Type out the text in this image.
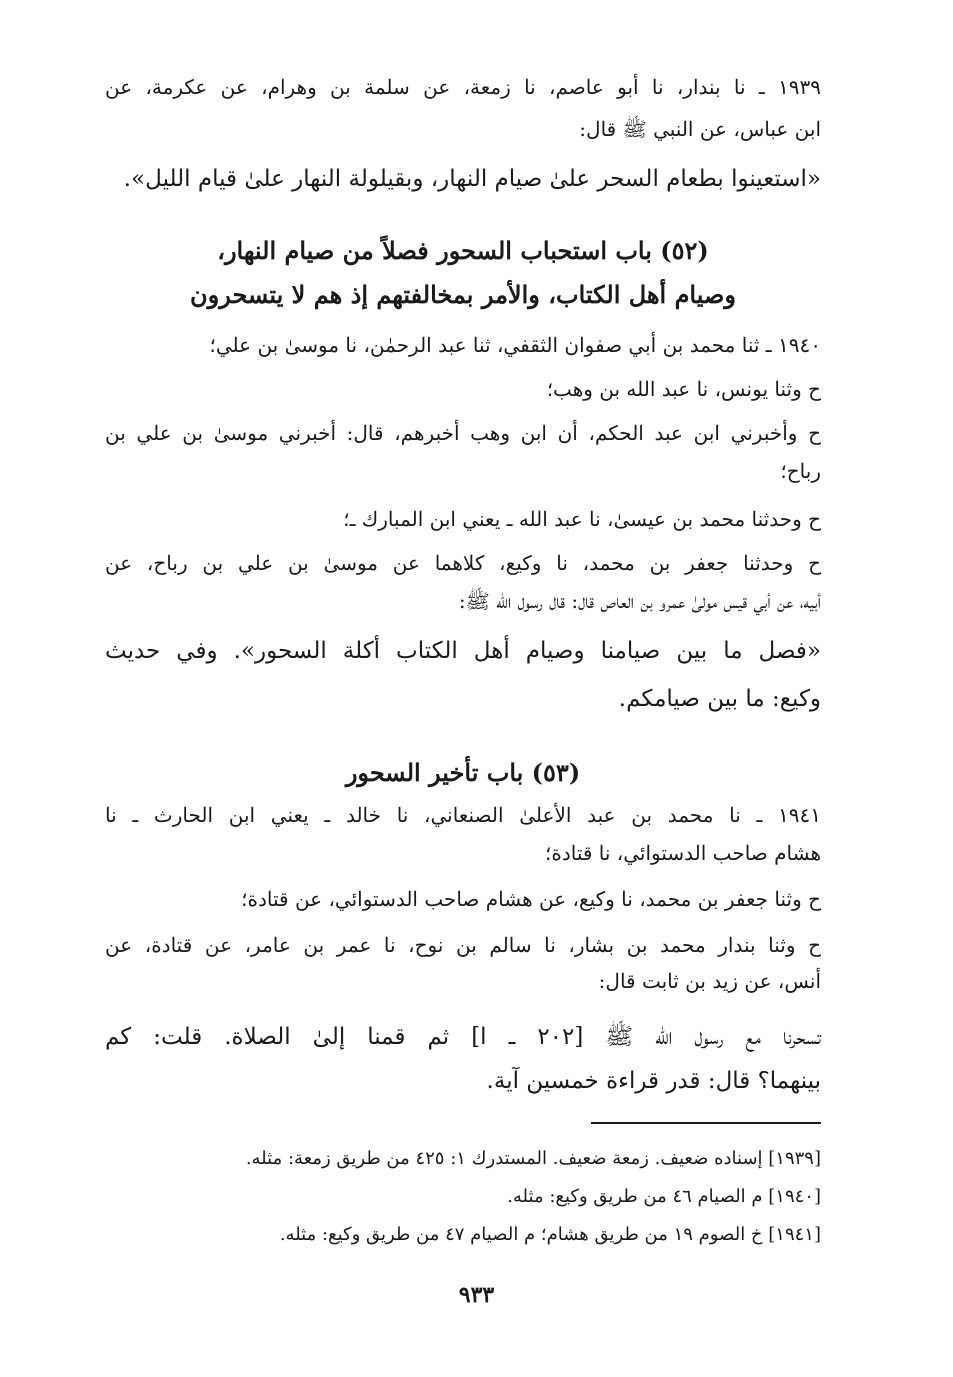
١٩٣٩ ـ نا بندار، نا أبو عاصم، نا زمعة، عن سلمة بن وهرام، عن عكرمة، عن
ابن عباس، عن النبي ﷺ قال:
«استعينوا بطعام السحر علىٰ صيام النهار، وبقيلولة النهار علىٰ قيام الليل».
(٥٢) باب استحباب السحور فصلاً من صيام النهار،
وصيام أهل الكتاب، والأمر بمخالفتهم إذ هم لا يتسحرون
١٩٤٠ ـ ثنا محمد بن أبي صفوان الثقفي، ثنا عبد الرحمٰن، نا موسىٰ بن علي؛
ح وثنا يونس، نا عبد الله بن وهب؛
ح وأخبرني ابن عبد الحكم، أن ابن وهب أخبرهم، قال: أخبرني موسىٰ بن علي بن
رباح؛
ح وحدثنا محمد بن عيسىٰ، نا عبد الله ـ يعني ابن المبارك ـ؛
ح وحدثنا جعفر بن محمد، نا وكيع، كلاهما عن موسىٰ بن علي بن رباح، عن
أبيه، عن أبي قيس مولىٰ عمرو بن العاص قال: قال رسول الله ﷺ:
«فصل ما بين صيامنا وصيام أهل الكتاب أكلة السحور». وفي حديث
وكيع: ما بين صيامكم.
(٥٣) باب تأخير السحور
١٩٤١ ـ نا محمد بن عبد الأعلىٰ الصنعاني، نا خالد ـ يعني ابن الحارث ـ نا
هشام صاحب الدستوائي، نا قتادة؛
ح وثنا جعفر بن محمد، نا وكيع، عن هشام صاحب الدستوائي، عن قتادة؛
ح وثنا بندار محمد بن بشار، نا سالم بن نوح، نا عمر بن عامر، عن قتادة، عن
أنس، عن زيد بن ثابت قال:
تسحرنا مع رسول الله ﷺ [٢٠٢ ـ ا] ثم قمنا إلىٰ الصلاة. قلت: كم
بينهما؟ قال: قدر قراءة خمسين آية.
[١٩٣٩] إسناده ضعيف. زمعة ضعيف. المستدرك ١: ٤٢٥ من طريق زمعة: مثله.
[١٩٤٠] م الصيام ٤٦ من طريق وكيع: مثله.
[١٩٤١] خ الصوم ١٩ من طريق هشام؛ م الصيام ٤٧ من طريق وكيع: مثله.
٩٣٣
